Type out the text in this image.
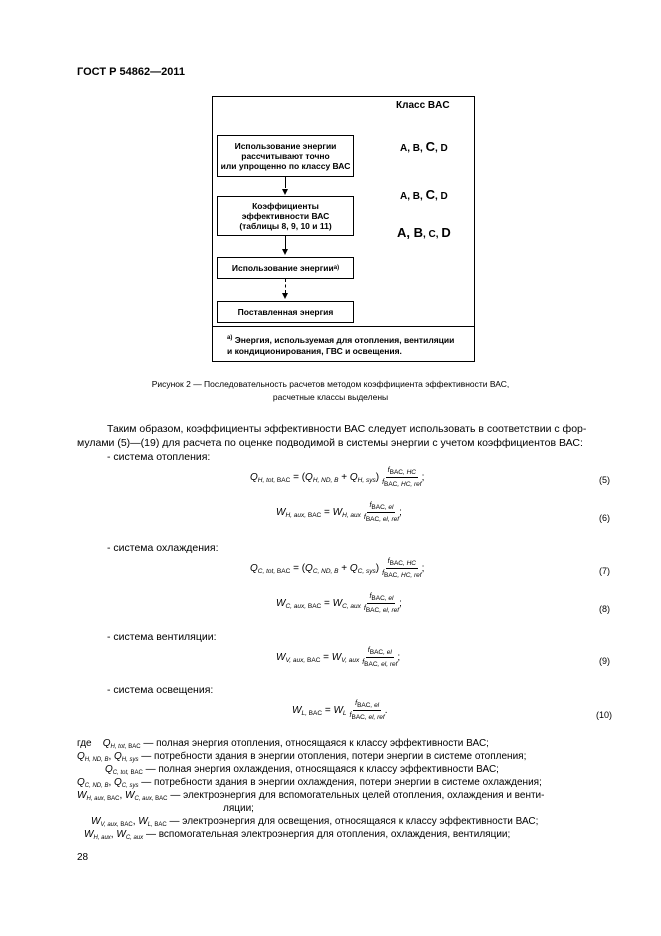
ГОСТ Р 54862—2011
Класс BAC
Использование энергии
рассчитывают точно
или упрощенно по классу ВАС
Коэффициенты
эффективности ВАС
(таблицы 8, 9, 10 и 11)
Использование энергии а)
Поставленная энергия
A, B, C, D
A, B, C, D
A, B, C, D
$^{а)}$ Энергия, используемая для отопления, вентиляции
и кондиционирования, ГВС и освещения.
Рисунок 2 — Последовательность расчетов методом коэффициента эффективности ВАС,
расчетные классы выделены
Таким образом, коэффициенты эффективности ВАС следует использовать в соответствии с фор-
мулами (5)—(19) для расчета по оценке подводимой в системы энергии с учетом коэффициентов ВАС:
- система отопления:
- система охлаждения:
- система вентиляции:
- система освещения:
$Q_{H, tot, BAC} = (Q_{H, ND, B} + Q_{H, sys}) \frac{f_{BAC, HC}}{f_{BAC, HC, ref}}$ ;	(5)
$W_{H, aux, BAC} = W_{H, aux} \frac{f_{BAC, el}}{f_{BAC, el, ref}}$ ;	(6)
$Q_{C, tot, BAC} = (Q_{C, ND, B} + Q_{C, sys}) \frac{f_{BAC, HC}}{f_{BAC, HC, ref}}$ ;	(7)
$W_{C, aux, BAC} = W_{C, aux} \frac{f_{BAC, el}}{f_{BAC, el, ref}}$ ;	(8)
$W_{V, aux, BAC} = W_{V, aux} \frac{f_{BAC, el}}{f_{BAC, el, ref}}$ ;	(9)
$W_{L, BAC} = W_L \frac{f_{BAC, el}}{f_{BAC, el, ref}}$ .	(10)
где $Q_{H, tot, BAC}$ — полная энергия отопления, относящаяся к классу эффективности ВАС;
$Q_{H, ND, B}$, $Q_{H, sys}$ — потребности здания в энергии отопления, потери энергии в системе отопления;
$Q_{C, tot, BAC}$ — полная энергия охлаждения, относящаяся к классу эффективности ВАС;
$Q_{C, ND, B}$, $Q_{C, sys}$ — потребности здания в энергии охлаждения, потери энергии в системе охлаждения;
$W_{H, aux, BAC}$, $W_{C, aux, BAC}$ — электроэнергия для вспомогательных целей отопления, охлаждения и венти-
ляции;
$W_{V, aux, BAC}$, $W_{L, BAC}$ — электроэнергия для освещения, относящаяся к классу эффективности ВАС;
$W_{H, aux}$, $W_{C, aux}$ — вспомогательная электроэнергия для отопления, охлаждения, вентиляции;
28
